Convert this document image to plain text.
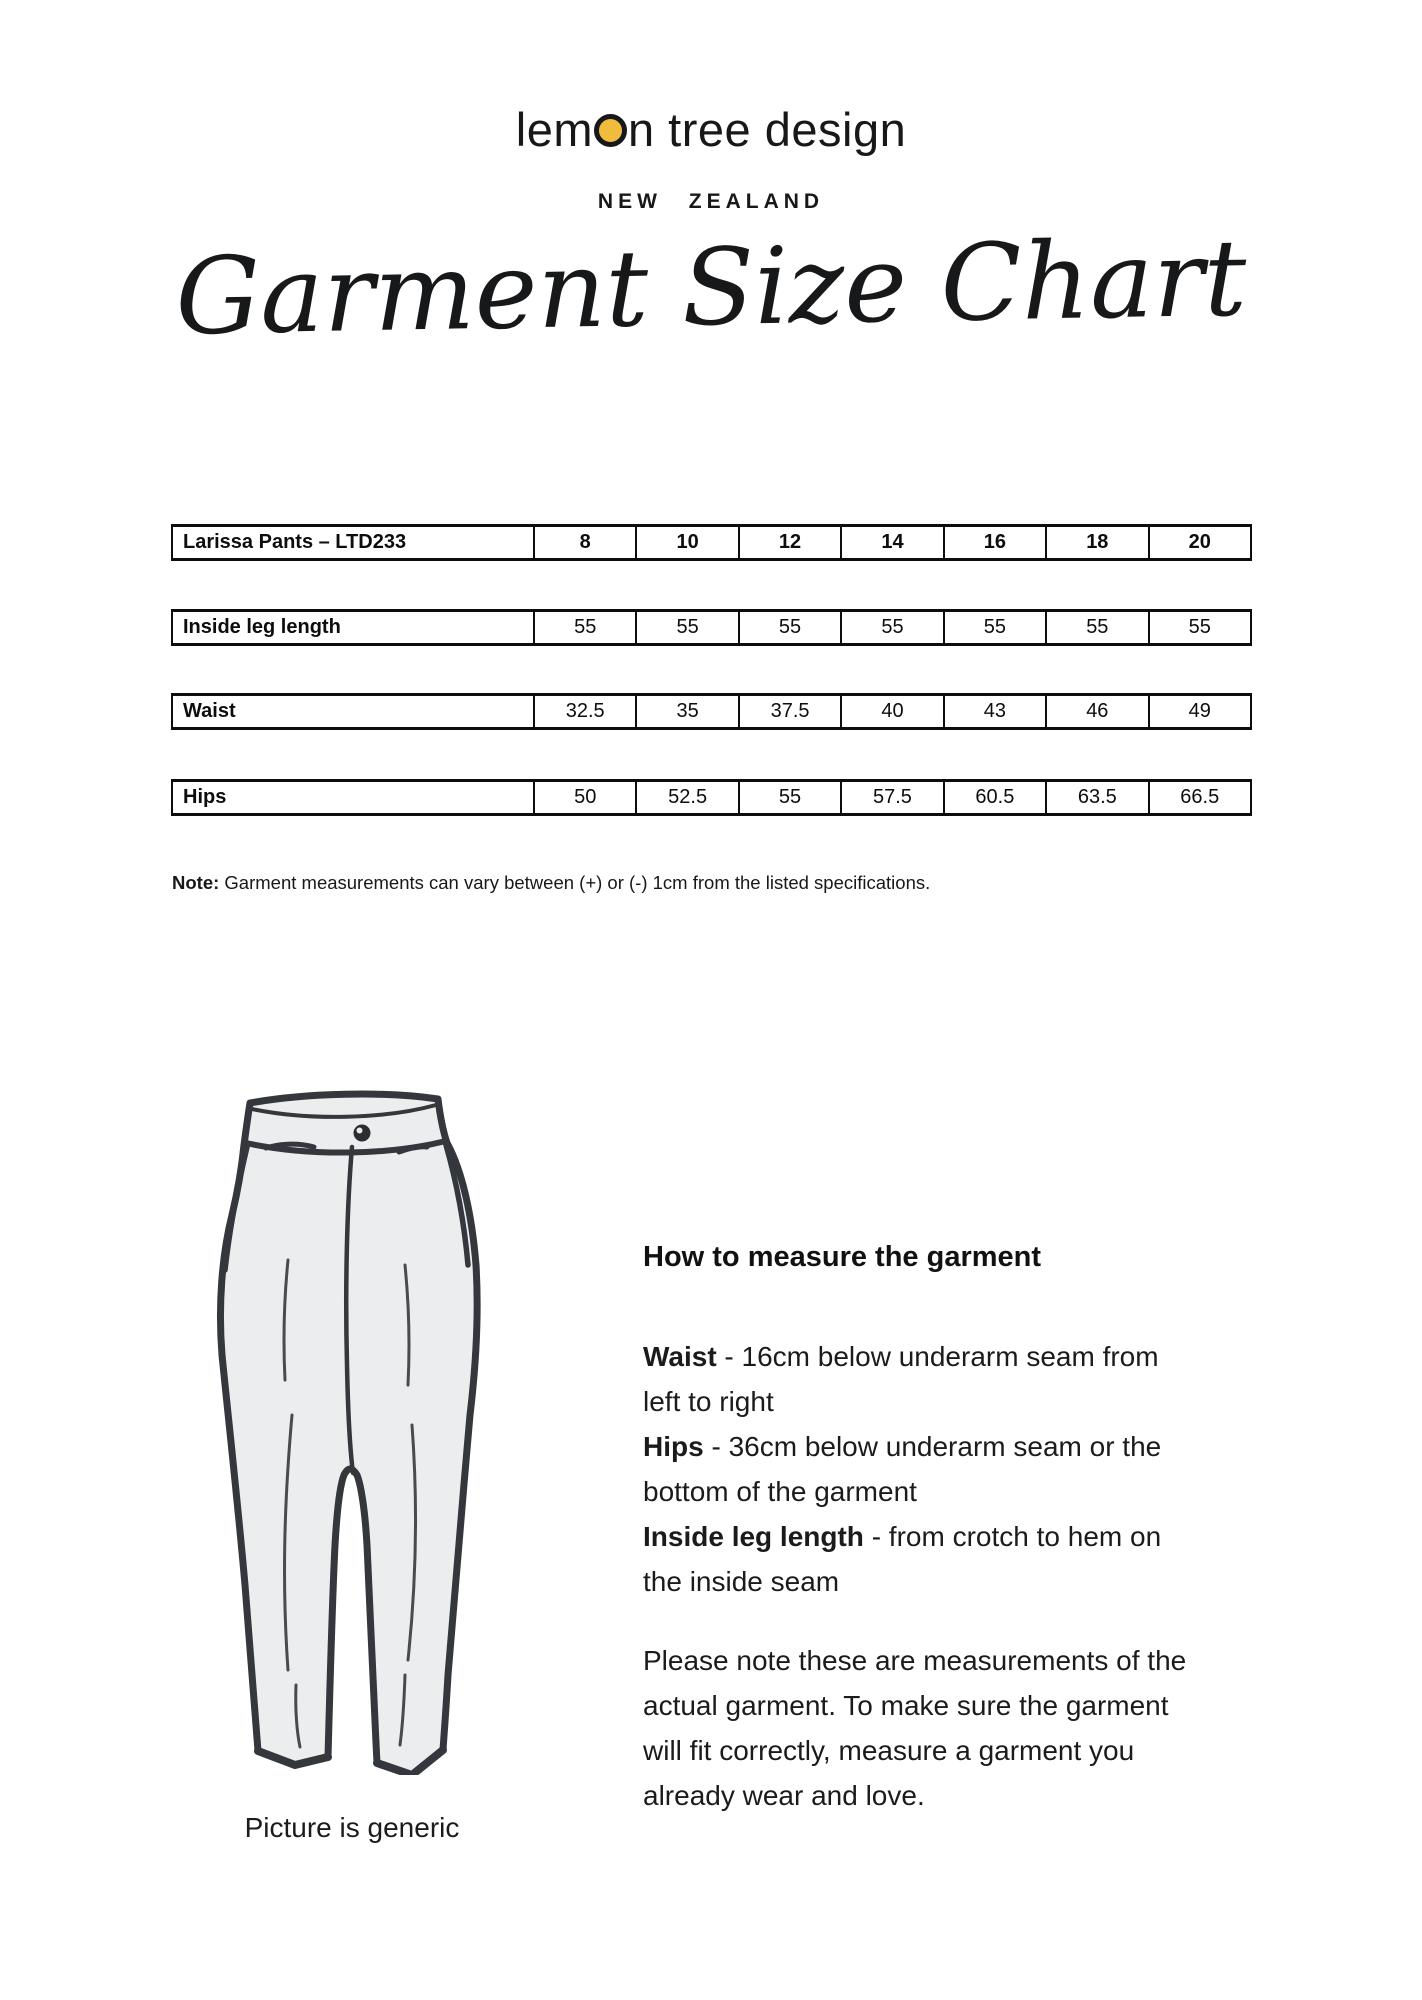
lem n tree design
NEW ZEALAND
Garment Size Chart
Larissa Pants – LTD233	8	10	12	14	16	18	20
Inside leg length	55	55	55	55	55	55	55
Waist	32.5	35	37.5	40	43	46	49
Hips	50	52.5	55	57.5	60.5	63.5	66.5
Note: Garment measurements can vary between (+) or (-) 1cm from the listed specifications.
Picture is generic
How to measure the garment
Waist - 16cm below underarm seam from left to right
Hips - 36cm below underarm seam or the bottom of the garment
Inside leg length - from crotch to hem on the inside seam

Please note these are measurements of the actual garment. To make sure the garment will fit correctly, measure a garment you already wear and love.
